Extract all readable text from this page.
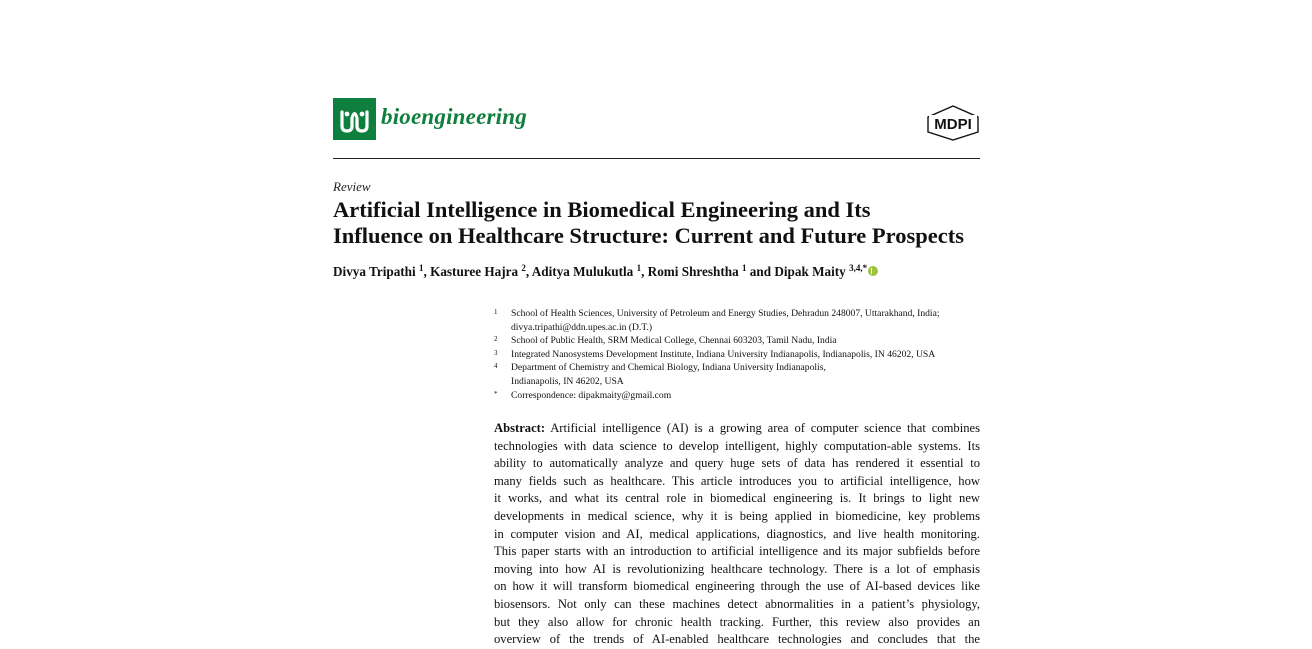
bioengineering	MDPI
Review
Artificial Intelligence in Biomedical Engineering and Its
Influence on Healthcare Structure: Current and Future Prospects
Divya Tripathi $^1$, Kasturee Hajra $^2$, Aditya Mulukutla $^1$, Romi Shreshtha $^1$ and Dipak Maity $^{3,4,*}$
1	School of Health Sciences, University of Petroleum and Energy Studies, Dehradun 248007, Uttarakhand, India;
divya.tripathi@ddn.upes.ac.in (D.T.)
2	School of Public Health, SRM Medical College, Chennai 603203, Tamil Nadu, India
3	Integrated Nanosystems Development Institute, Indiana University Indianapolis, Indianapolis, IN 46202, USA
4	Department of Chemistry and Chemical Biology, Indiana University Indianapolis,
Indianapolis, IN 46202, USA
*	Correspondence: dipakmaity@gmail.com
Abstract: Artificial intelligence (AI) is a growing area of computer science that combines
technologies with data science to develop intelligent, highly computation-able systems. Its
ability to automatically analyze and query huge sets of data has rendered it essential to
many fields such as healthcare. This article introduces you to artificial intelligence, how
it works, and what its central role in biomedical engineering is. It brings to light new
developments in medical science, why it is being applied in biomedicine, key problems
in computer vision and AI, medical applications, diagnostics, and live health monitoring.
This paper starts with an introduction to artificial intelligence and its major subfields before
moving into how AI is revolutionizing healthcare technology. There is a lot of emphasis
on how it will transform biomedical engineering through the use of AI-based devices like
biosensors. Not only can these machines detect abnormalities in a patient’s physiology,
but they also allow for chronic health tracking. Further, this review also provides an
overview of the trends of AI-enabled healthcare technologies and concludes that the
